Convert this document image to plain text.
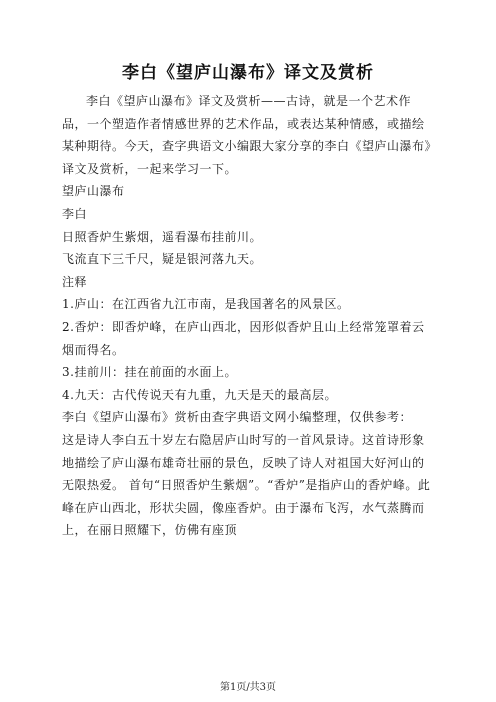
李白《望庐山瀑布》译文及赏析

李白《望庐山瀑布》译文及赏析——古诗，就是一个艺术作品，一个塑造作者情感世界的艺术作品，或表达某种情感，或描绘某种期待。今天，查字典语文小编跟大家分享的李白《望庐山瀑布》译文及赏析，一起来学习一下。

望庐山瀑布

李白

日照香炉生紫烟，遥看瀑布挂前川。

飞流直下三千尺，疑是银河落九天。

注释

1.庐山：在江西省九江市南，是我国著名的风景区。

2.香炉：即香炉峰，在庐山西北，因形似香炉且山上经常笼罩着云烟而得名。

3.挂前川：挂在前面的水面上。

4.九天：古代传说天有九重，九天是天的最高层。

李白《望庐山瀑布》赏析由查字典语文网小编整理，仅供参考：

这是诗人李白五十岁左右隐居庐山时写的一首风景诗。这首诗形象地描绘了庐山瀑布雄奇壮丽的景色，反映了诗人对祖国大好河山的无限热爱。 首句“日照香炉生紫烟”。“香炉”是指庐山的香炉峰。此峰在庐山西北，形状尖圆，像座香炉。由于瀑布飞泻，水气蒸腾而上，在丽日照耀下，仿佛有座顶

第1页/共3页
